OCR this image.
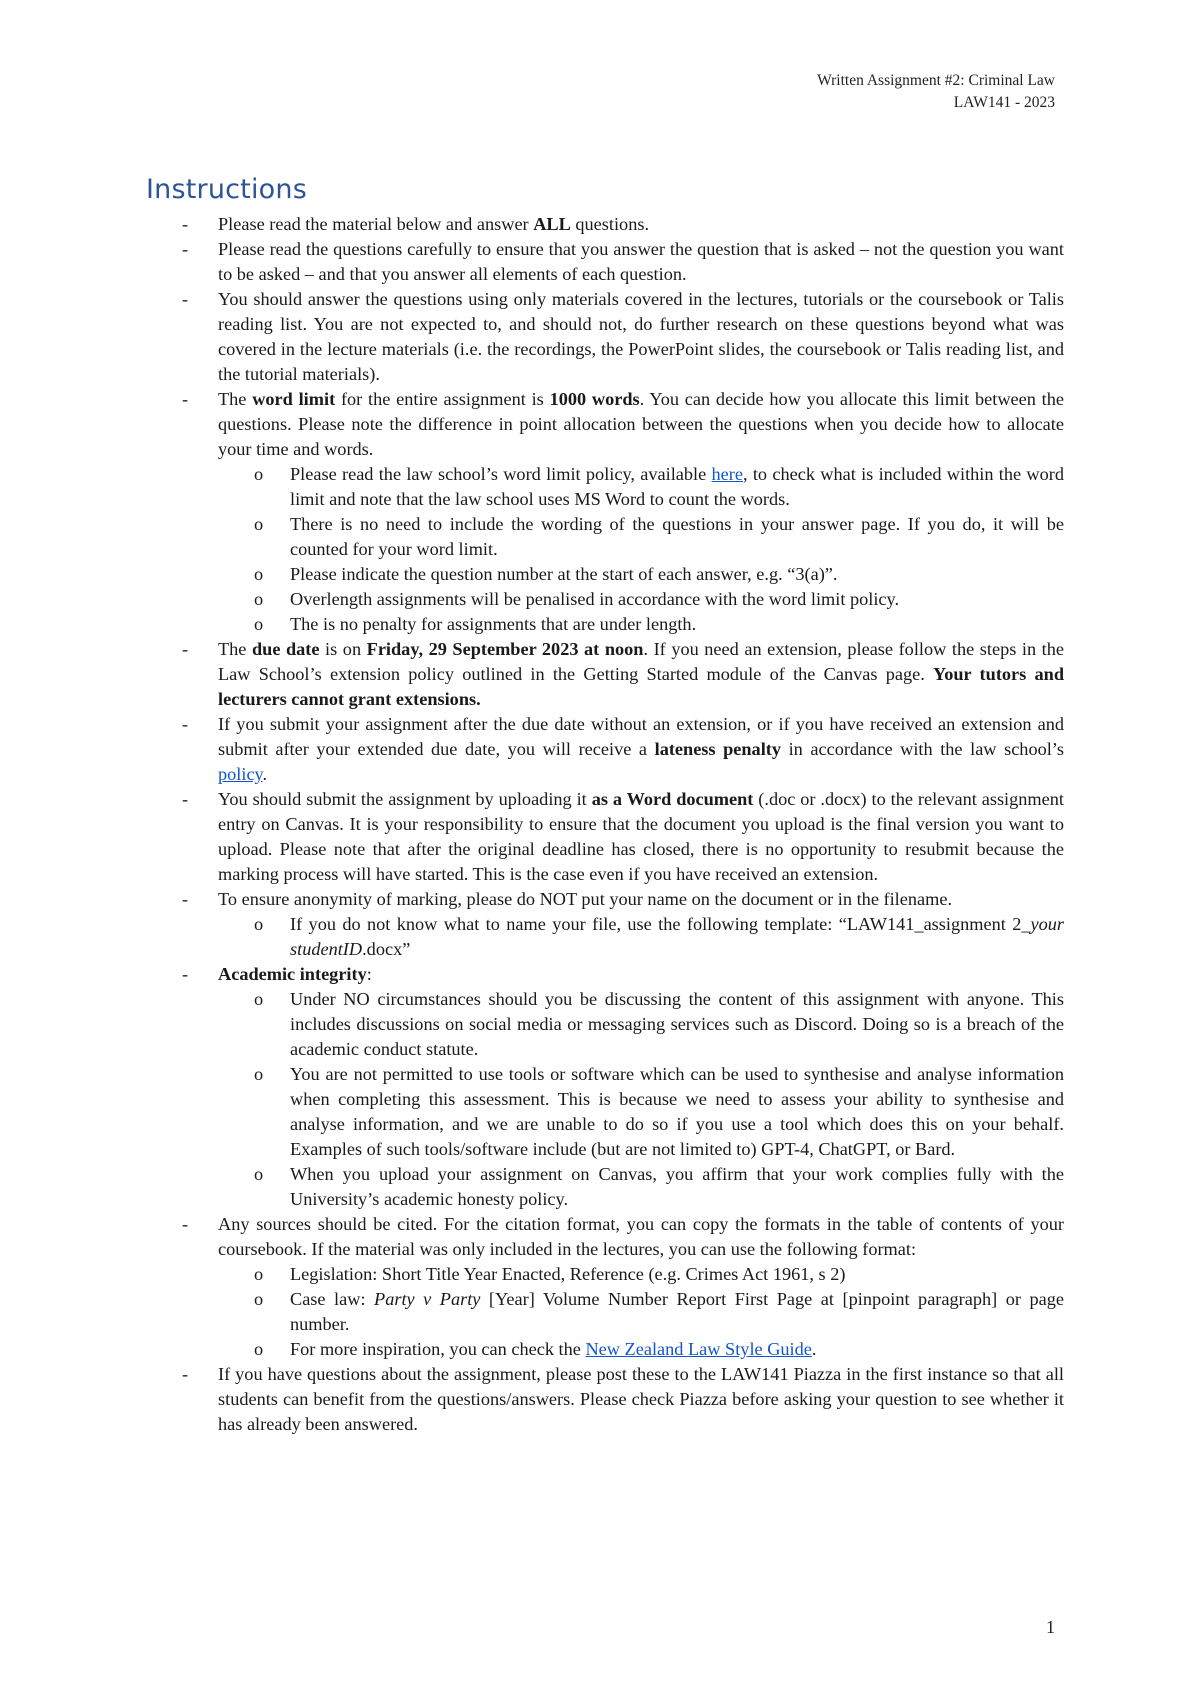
Written Assignment #2: Criminal Law
LAW141 - 2023
Instructions
- Please read the material below and answer ALL questions.
- Please read the questions carefully to ensure that you answer the question that is asked – not the question you want to be asked – and that you answer all elements of each question.
- You should answer the questions using only materials covered in the lectures, tutorials or the coursebook or Talis reading list. You are not expected to, and should not, do further research on these questions beyond what was covered in the lecture materials (i.e. the recordings, the PowerPoint slides, the coursebook or Talis reading list, and the tutorial materials).
- The word limit for the entire assignment is 1000 words. You can decide how you allocate this limit between the questions. Please note the difference in point allocation between the questions when you decide how to allocate your time and words.
o Please read the law school’s word limit policy, available here, to check what is included within the word limit and note that the law school uses MS Word to count the words.
o There is no need to include the wording of the questions in your answer page. If you do, it will be counted for your word limit.
o Please indicate the question number at the start of each answer, e.g. “3(a)”.
o Overlength assignments will be penalised in accordance with the word limit policy.
o The is no penalty for assignments that are under length.
- The due date is on Friday, 29 September 2023 at noon. If you need an extension, please follow the steps in the Law School’s extension policy outlined in the Getting Started module of the Canvas page. Your tutors and lecturers cannot grant extensions.
- If you submit your assignment after the due date without an extension, or if you have received an extension and submit after your extended due date, you will receive a lateness penalty in accordance with the law school’s policy.
- You should submit the assignment by uploading it as a Word document (.doc or .docx) to the relevant assignment entry on Canvas. It is your responsibility to ensure that the document you upload is the final version you want to upload. Please note that after the original deadline has closed, there is no opportunity to resubmit because the marking process will have started. This is the case even if you have received an extension.
- To ensure anonymity of marking, please do NOT put your name on the document or in the filename.
o If you do not know what to name your file, use the following template: “LAW141_assignment 2_your studentID.docx”
- Academic integrity:
o Under NO circumstances should you be discussing the content of this assignment with anyone. This includes discussions on social media or messaging services such as Discord. Doing so is a breach of the academic conduct statute.
o You are not permitted to use tools or software which can be used to synthesise and analyse information when completing this assessment. This is because we need to assess your ability to synthesise and analyse information, and we are unable to do so if you use a tool which does this on your behalf. Examples of such tools/software include (but are not limited to) GPT-4, ChatGPT, or Bard.
o When you upload your assignment on Canvas, you affirm that your work complies fully with the University’s academic honesty policy.
- Any sources should be cited. For the citation format, you can copy the formats in the table of contents of your coursebook. If the material was only included in the lectures, you can use the following format:
o Legislation: Short Title Year Enacted, Reference (e.g. Crimes Act 1961, s 2)
o Case law: Party v Party [Year] Volume Number Report First Page at [pinpoint paragraph] or page number.
o For more inspiration, you can check the New Zealand Law Style Guide.
- If you have questions about the assignment, please post these to the LAW141 Piazza in the first instance so that all students can benefit from the questions/answers. Please check Piazza before asking your question to see whether it has already been answered.
1
